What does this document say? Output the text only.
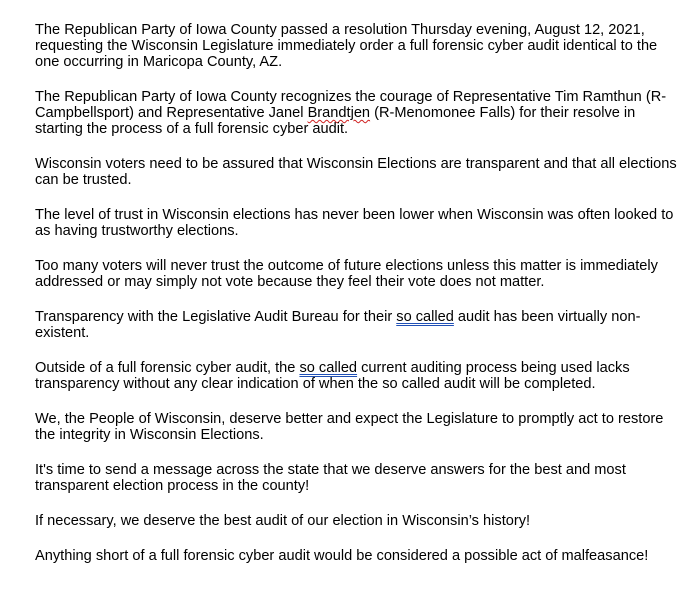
The Republican Party of Iowa County passed a resolution Thursday evening, August 12, 2021, requesting the Wisconsin Legislature immediately order a full forensic cyber audit identical to the one occurring in Maricopa County, AZ.

The Republican Party of Iowa County recognizes the courage of Representative Tim Ramthun (R-Campbellsport) and Representative Janel Brandtjen (R-Menomonee Falls) for their resolve in starting the process of a full forensic cyber audit.

Wisconsin voters need to be assured that Wisconsin Elections are transparent and that all elections can be trusted.

The level of trust in Wisconsin elections has never been lower when Wisconsin was often looked to as having trustworthy elections.

Too many voters will never trust the outcome of future elections unless this matter is immediately addressed or may simply not vote because they feel their vote does not matter.

Transparency with the Legislative Audit Bureau for their so called audit has been virtually non-existent.

Outside of a full forensic cyber audit, the so called current auditing process being used lacks transparency without any clear indication of when the so called audit will be completed.

We, the People of Wisconsin, deserve better and expect the Legislature to promptly act to restore the integrity in Wisconsin Elections.

It's time to send a message across the state that we deserve answers for the best and most transparent election process in the county!

If necessary, we deserve the best audit of our election in Wisconsin’s history!

Anything short of a full forensic cyber audit would be considered a possible act of malfeasance!
